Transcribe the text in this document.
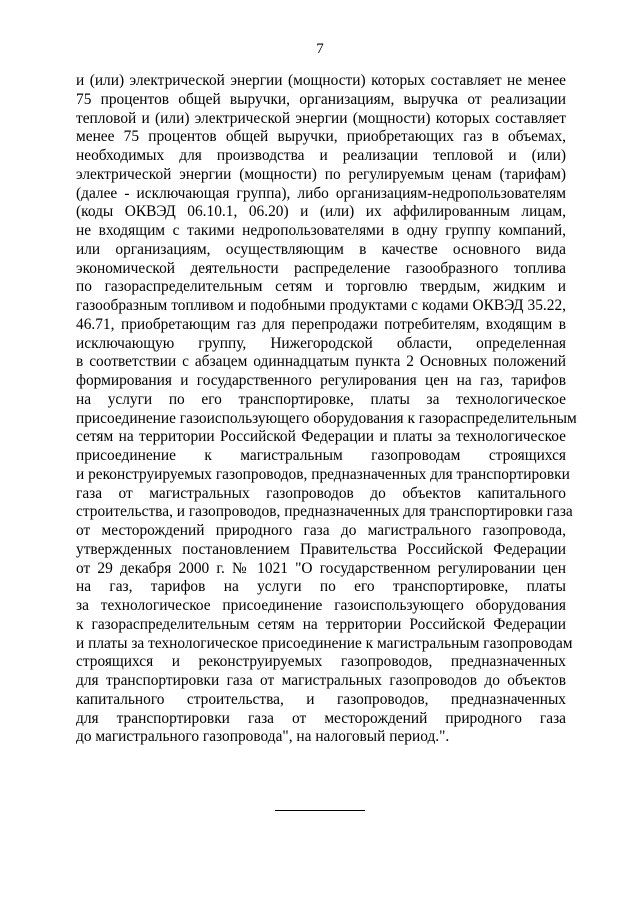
7
и (или) электрической энергии (мощности) которых составляет не менее
75 процентов общей выручки, организациям, выручка от реализации
тепловой и (или) электрической энергии (мощности) которых составляет
менее 75 процентов общей выручки, приобретающих газ в объемах,
необходимых для производства и реализации тепловой и (или)
электрической энергии (мощности) по регулируемым ценам (тарифам)
(далее - исключающая группа), либо организациям-недропользователям
(коды ОКВЭД 06.10.1, 06.20) и (или) их аффилированным лицам,
не входящим с такими недропользователями в одну группу компаний,
или организациям, осуществляющим в качестве основного вида
экономической деятельности распределение газообразного топлива
по газораспределительным сетям и торговлю твердым, жидким и
газообразным топливом и подобными продуктами с кодами ОКВЭД 35.22,
46.71, приобретающим газ для перепродажи потребителям, входящим в
исключающую группу, Нижегородской области, определенная
в соответствии с абзацем одиннадцатым пункта 2 Основных положений
формирования и государственного регулирования цен на газ, тарифов
на услуги по его транспортировке, платы за технологическое
присоединение газоиспользующего оборудования к газораспределительным
сетям на территории Российской Федерации и платы за технологическое
присоединение к магистральным газопроводам строящихся
и реконструируемых газопроводов, предназначенных для транспортировки
газа от магистральных газопроводов до объектов капитального
строительства, и газопроводов, предназначенных для транспортировки газа
от месторождений природного газа до магистрального газопровода,
утвержденных постановлением Правительства Российской Федерации
от 29 декабря 2000 г. № 1021 "О государственном регулировании цен
на газ, тарифов на услуги по его транспортировке, платы
за технологическое присоединение газоиспользующего оборудования
к газораспределительным сетям на территории Российской Федерации
и платы за технологическое присоединение к магистральным газопроводам
строящихся и реконструируемых газопроводов, предназначенных
для транспортировки газа от магистральных газопроводов до объектов
капитального строительства, и газопроводов, предназначенных
для транспортировки газа от месторождений природного газа
до магистрального газопровода", на налоговый период.".
